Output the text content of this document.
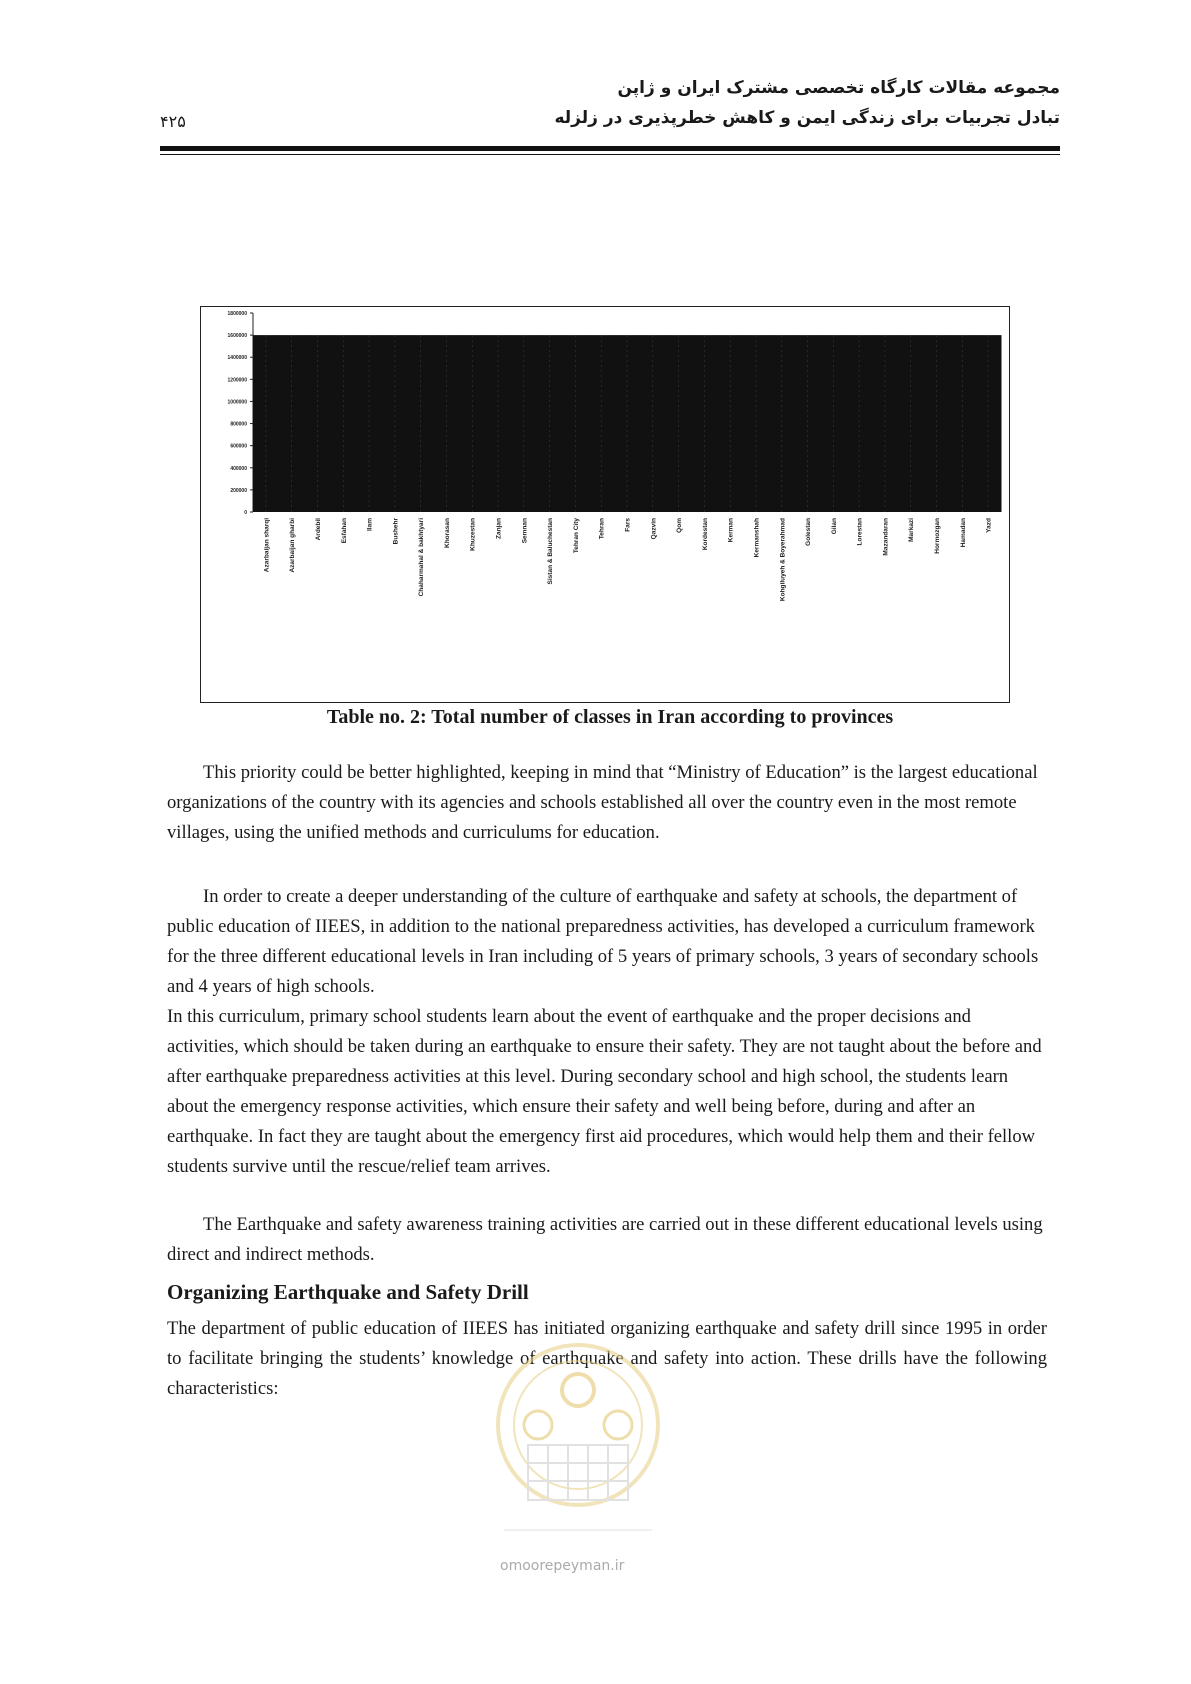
مجموعه مقالات کارگاه تخصصی مشترک ایران و ژاپن
تبادل تجربیات برای زندگی ایمن و کاهش خطرپذیری در زلزله
۴۲۵
0
200000
400000
600000
800000
1000000
1200000
1400000
1600000
1800000
Azarbaijan sharqi	Azarbaijan gharbi	Ardebil	Esfahan	Ilam	Bushehr	Chaharmahal & bakhtyari	Khorasan	Khuzestan	Zanjan	Semnan	Sistan & Baluchestan	Tehran City	Tehran	Fars	Qazvin	Qom	Kordestan	Kerman	Kermanshah	Kohgiluyeh & Boyerahmad	Golestan	Gilan	Lorestan	Mazandaran	Markazi	Hormozgan	Hamadan	Yazd
Table no. 2: Total number of classes in Iran according to provinces
This priority could be better highlighted, keeping in mind that “Ministry of Education” is the largest educational organizations of the country with its agencies and schools established all over the country even in the most remote villages, using the unified methods and curriculums for education.
In order to create a deeper understanding of the culture of earthquake and safety at schools, the department of public education of IIEES, in addition to the national preparedness activities, has developed a curriculum framework for the three different educational levels in Iran including of 5 years of primary schools, 3 years of secondary schools and 4 years of high schools.
In this curriculum, primary school students learn about the event of earthquake and the proper decisions and activities, which should be taken during an earthquake to ensure their safety. They are not taught about the before and after earthquake preparedness activities at this level. During secondary school and high school, the students learn about the emergency response activities, which ensure their safety and well being before, during and after an earthquake. In fact they are taught about the emergency first aid procedures, which would help them and their fellow students survive until the rescue/relief team arrives.
The Earthquake and safety awareness training activities are carried out in these different educational levels using direct and indirect methods.
Organizing Earthquake and Safety Drill
The department of public education of IIEES has initiated organizing earthquake and safety drill since 1995 in order to facilitate bringing the students’ knowledge of earthquake and safety into action. These drills have the following characteristics:
omoorepeyman.ir
